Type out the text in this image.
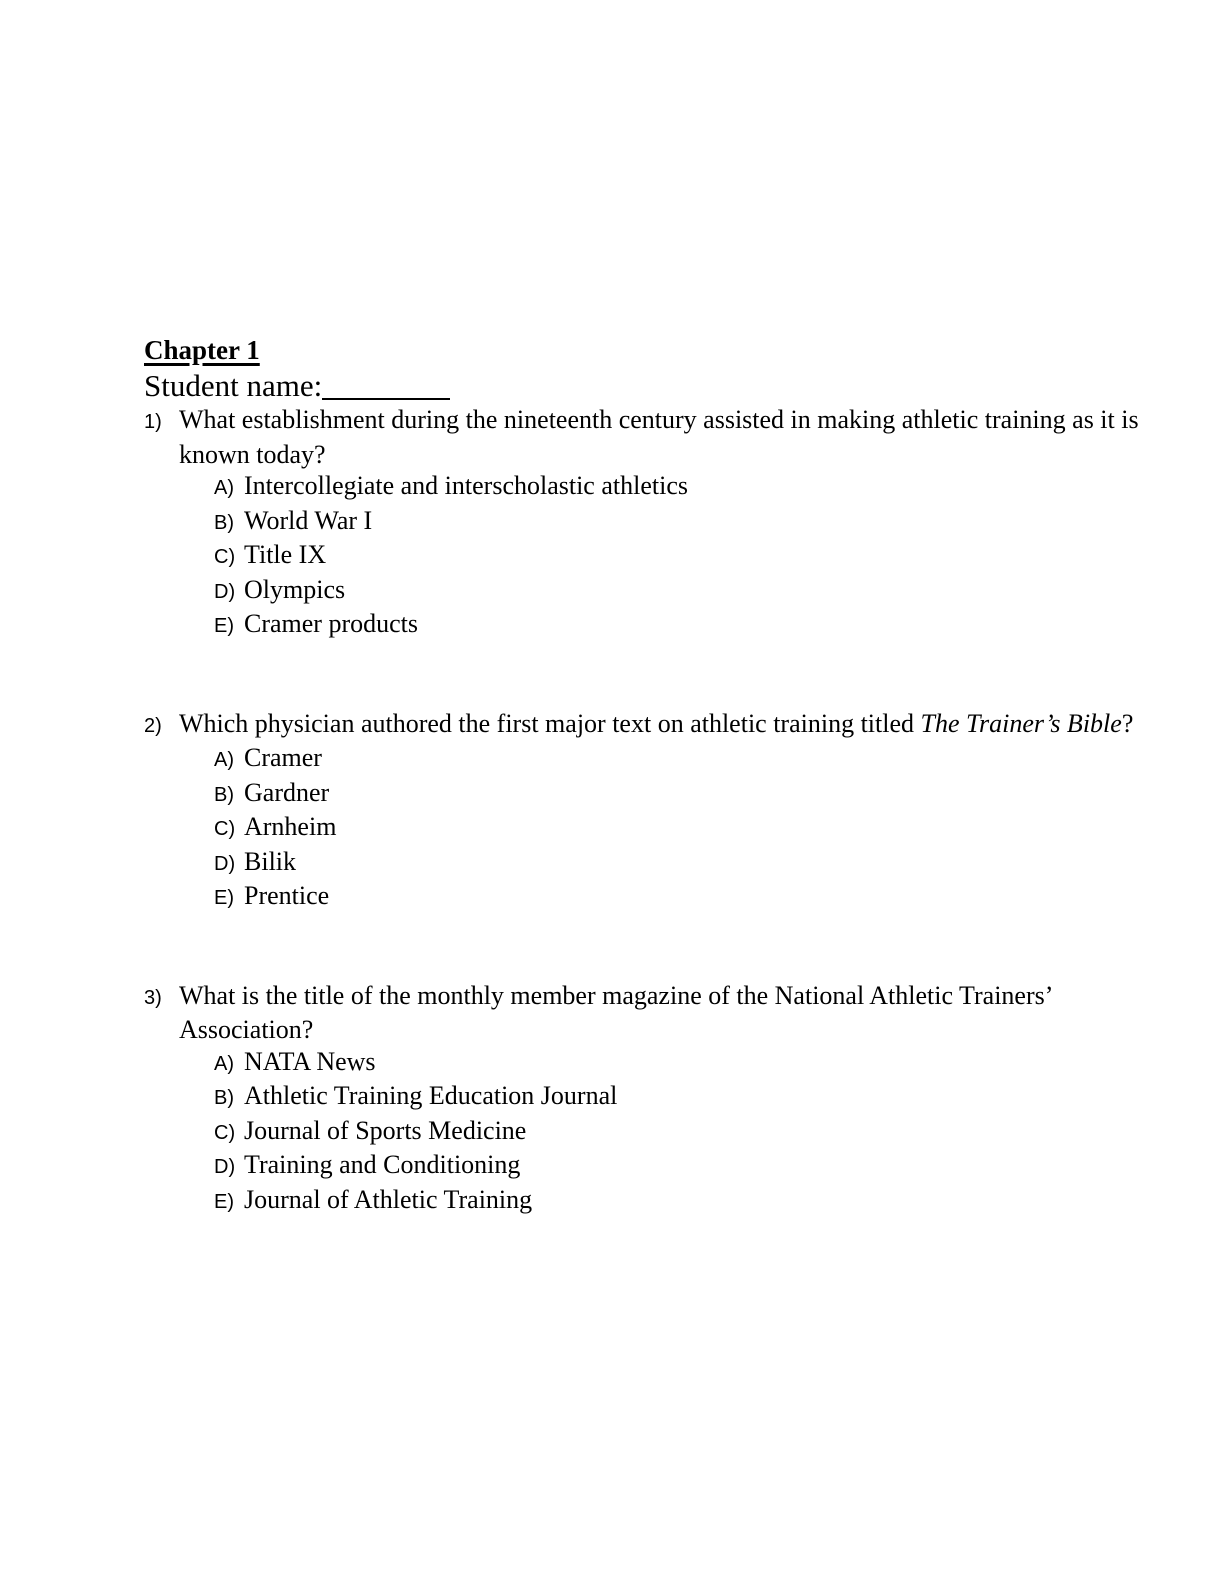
Chapter 1
Student name:
1) What establishment during the nineteenth century assisted in making athletic training as it is
known today?
A) Intercollegiate and interscholastic athletics
B) World War I
C) Title IX
D) Olympics
E) Cramer products
2) Which physician authored the first major text on athletic training titled The Trainer’s Bible?
A) Cramer
B) Gardner
C) Arnheim
D) Bilik
E) Prentice
3) What is the title of the monthly member magazine of the National Athletic Trainers’
Association?
A) NATA News
B) Athletic Training Education Journal
C) Journal of Sports Medicine
D) Training and Conditioning
E) Journal of Athletic Training
